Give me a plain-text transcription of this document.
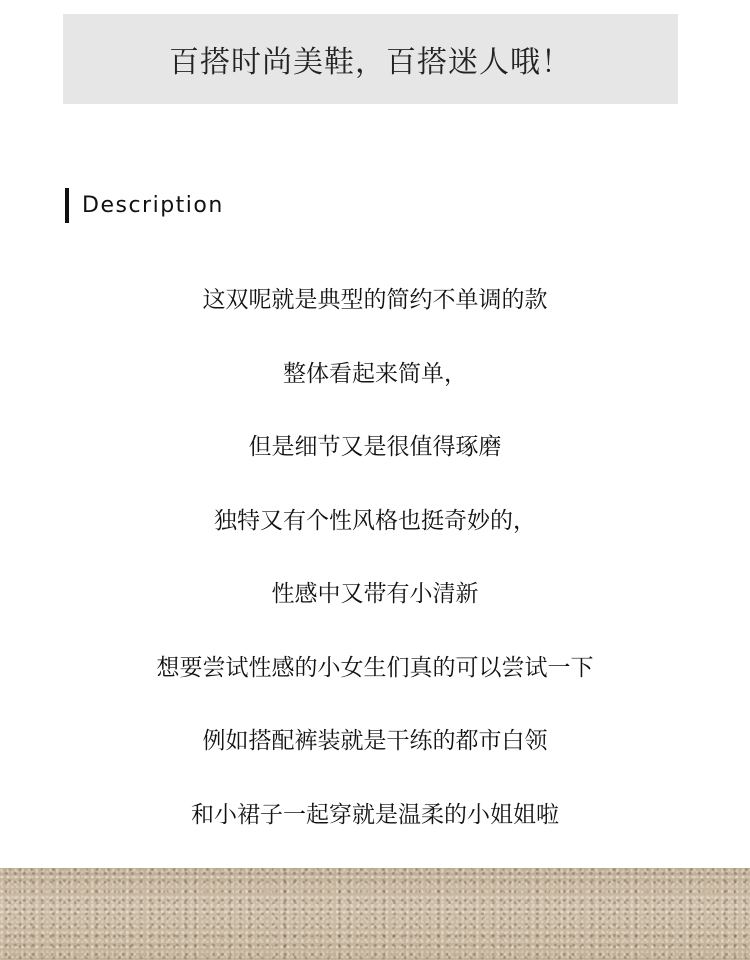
百搭时尚美鞋，百搭迷人哦！
Description
这双呢就是典型的简约不单调的款
整体看起来简单，
但是细节又是很值得琢磨
独特又有个性风格也挺奇妙的，
性感中又带有小清新
想要尝试性感的小女生们真的可以尝试一下
例如搭配裤装就是干练的都市白领
和小裙子一起穿就是温柔的小姐姐啦
